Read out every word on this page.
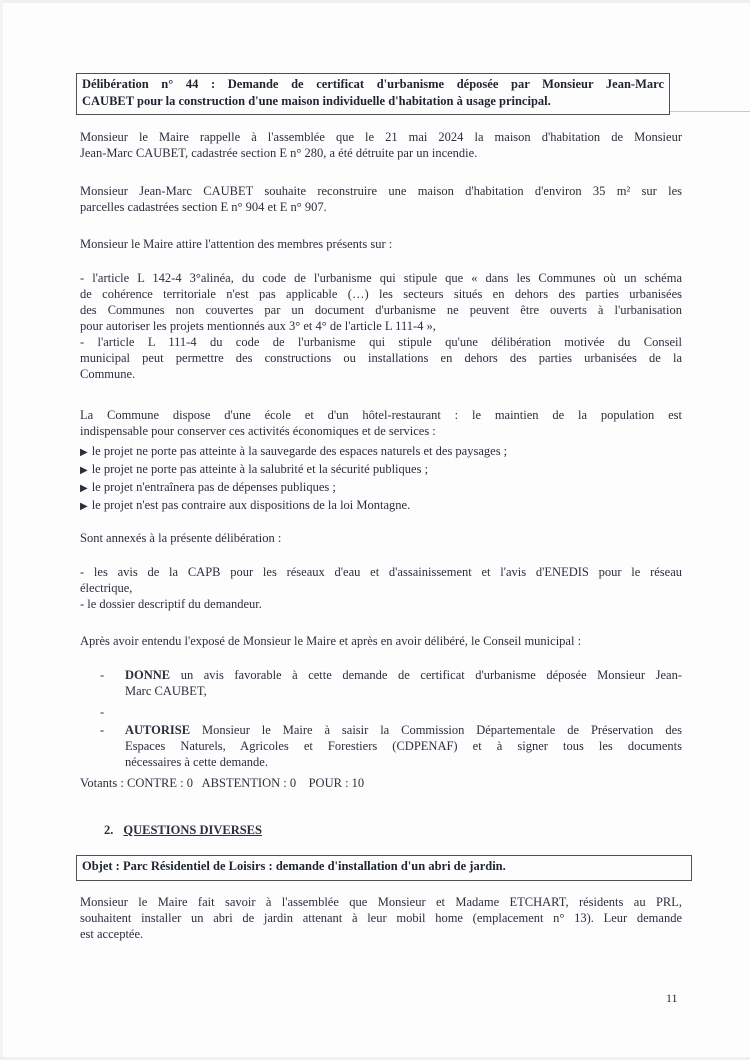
Délibération n° 44 : Demande de certificat d'urbanisme déposée par Monsieur Jean-Marc
CAUBET pour la construction d'une maison individuelle d'habitation à usage principal.
Monsieur le Maire rappelle à l'assemblée que le 21 mai 2024 la maison d'habitation de Monsieur
Jean-Marc CAUBET, cadastrée section E n° 280, a été détruite par un incendie.
Monsieur Jean-Marc CAUBET souhaite reconstruire une maison d'habitation d'environ 35 m² sur les
parcelles cadastrées section E n° 904 et E n° 907.
Monsieur le Maire attire l'attention des membres présents sur :
- l'article L 142-4 3°alinéa, du code de l'urbanisme qui stipule que « dans les Communes où un schéma
de cohérence territoriale n'est pas applicable (…) les secteurs situés en dehors des parties urbanisées
des Communes non couvertes par un document d'urbanisme ne peuvent être ouverts à l'urbanisation
pour autoriser les projets mentionnés aux 3° et 4° de l'article L 111-4 »,
- l'article L 111-4 du code de l'urbanisme qui stipule qu'une délibération motivée du Conseil
municipal peut permettre des constructions ou installations en dehors des parties urbanisées de la
Commune.
La Commune dispose d'une école et d'un hôtel-restaurant : le maintien de la population est
indispensable pour conserver ces activités économiques et de services :
▶ le projet ne porte pas atteinte à la sauvegarde des espaces naturels et des paysages ;
▶ le projet ne porte pas atteinte à la salubrité et la sécurité publiques ;
▶ le projet n'entraînera pas de dépenses publiques ;
▶ le projet n'est pas contraire aux dispositions de la loi Montagne.
Sont annexés à la présente délibération :
- les avis de la CAPB pour les réseaux d'eau et d'assainissement et l'avis d'ENEDIS pour le réseau
électrique,
- le dossier descriptif du demandeur.
Après avoir entendu l'exposé de Monsieur le Maire et après en avoir délibéré, le Conseil municipal :
- DONNE un avis favorable à cette demande de certificat d'urbanisme déposée Monsieur Jean-
Marc CAUBET,
-
- AUTORISE Monsieur le Maire à saisir la Commission Départementale de Préservation des
Espaces Naturels, Agricoles et Forestiers (CDPENAF) et à signer tous les documents
nécessaires à cette demande.
Votants : CONTRE : 0   ABSTENTION : 0    POUR : 10
2. QUESTIONS DIVERSES
Objet : Parc Résidentiel de Loisirs : demande d'installation d'un abri de jardin.
Monsieur le Maire fait savoir à l'assemblée que Monsieur et Madame ETCHART, résidents au PRL,
souhaitent installer un abri de jardin attenant à leur mobil home (emplacement n° 13). Leur demande
est acceptée.
11
